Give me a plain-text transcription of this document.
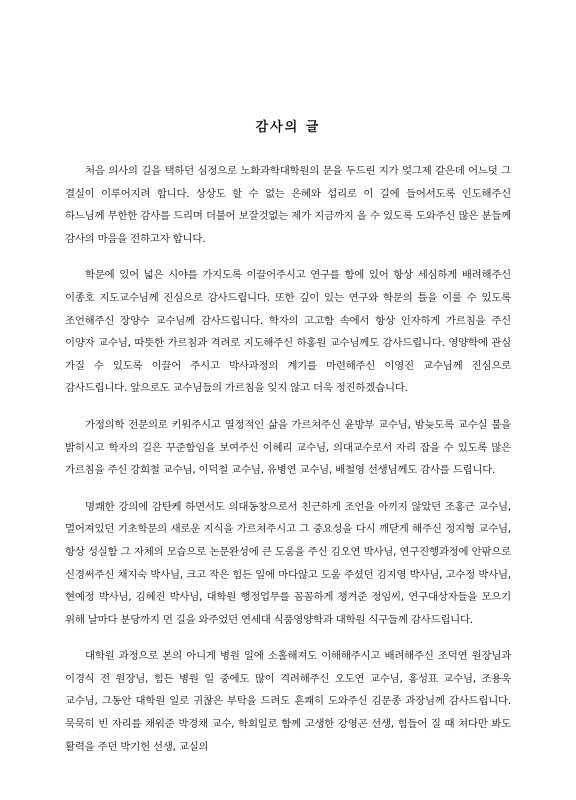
감사의 글

처음 의사의 길을 택하던 심정으로 노화과학대학원의 문을 두드린 지가 엊그제 같은데 어느덧 그 결실이 이루어지려 합니다. 상상도 할 수 없는 은혜와 섭리로 이 길에 들어서도록 인도해주신 하느님께 무한한 감사를 드리며 더불어 보잘것없는 제가 지금까지 올 수 있도록 도와주신 많은 분들께 감사의 마음을 전하고자 합니다.

학문에 있어 넓은 시야를 가지도록 이끌어주시고 연구를 함에 있어 항상 세심하게 배려해주신 이종호 지도교수님께 진심으로 감사드립니다. 또한 깊이 있는 연구와 학문의 틀을 이룰 수 있도록 조언해주신 장양수 교수님께 감사드립니다. 학자의 고고함 속에서 항상 인자하게 가르침을 주신 이양자 교수님, 따뜻한 가르침과 격려로 지도해주신 하홍원 교수님께도 감사드립니다. 영양학에 관심 가질 수 있도록 이끌어 주시고 박사과정의 계기를 마련해주신 이영진 교수님께 진심으로 감사드립니다. 앞으로도 교수님들의 가르침을 잊지 않고 더욱 정진하겠습니다.

가정의학 전문의로 키워주시고 열정적인 삶을 가르쳐주신 윤방부 교수님, 밤늦도록 교수실 불을 밝히시고 학자의 길은 꾸준함임을 보여주신 이혜리 교수님, 의대교수로서 자리 잡을 수 있도록 많은 가르침을 주신 강희철 교수님, 이덕철 교수님, 유병연 교수님, 배철영 선생님께도 감사를 드립니다.

명쾌한 강의에 감탄케 하면서도 의대동창으로서 친근하게 조언을 아끼지 않았던 조홍근 교수님, 멀어져있던 기초학문의 새로운 지식을 가르쳐주시고 그 중요성을 다시 깨닫게 해주신 정지형 교수님, 항상 성실함 그 자체의 모습으로 논문완성에 큰 도움을 주신 김오연 박사님, 연구진행과정에 안팎으로 신경써주신 채지숙 박사님, 크고 작은 힘든 일에 마다않고 도움 주셨던 김지영 박사님, 고수정 박사님, 현예정 박사님, 김혜진 박사님, 대학원 행정업무를 꼼꼼하게 챙겨준 정임씨, 연구대상자들을 모으기 위해 날마다 분당까지 먼 길을 와주었던 연세대 식품영양학과 대학원 식구들께 감사드립니다.

대학원 과정으로 본의 아니게 병원 일에 소홀해져도 이해해주시고 배려해주신 조덕연 원장님과 이경식 전 원장님, 힘든 병원 일 중에도 많이 격려해주신 오도연 교수님, 홍성표 교수님, 조용욱 교수님, 그동안 대학원 일로 귀찮은 부탁을 드려도 흔쾌히 도와주신 김문종 과장님께 감사드립니다. 묵묵히 빈 자리를 채워준 박경채 교수, 학회일로 함께 고생한 강영곤 선생, 힘들어 질 때 쳐다만 봐도 활력을 주던 박기헌 선생, 교실의
